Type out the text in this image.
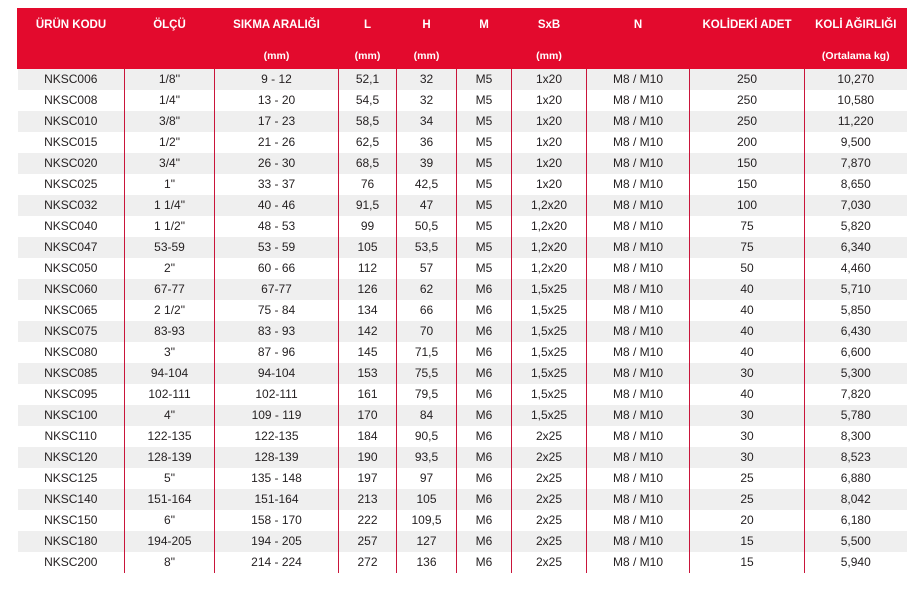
ÜRÜN KODU	ÖLÇÜ	SIKMA ARALIĞI	L	H	M	SxB	N	KOLİDEKİ ADET	KOLİ AĞIRLIĞI
		(mm)	(mm)	(mm)		(mm)			(Ortalama kg)
NKSC006	1/8''	9 - 12	52,1	32	M5	1x20	M8 / M10	250	10,270
NKSC008	1/4"	13 - 20	54,5	32	M5	1x20	M8 / M10	250	10,580
NKSC010	3/8"	17 - 23	58,5	34	M5	1x20	M8 / M10	250	11,220
NKSC015	1/2"	21 - 26	62,5	36	M5	1x20	M8 / M10	200	9,500
NKSC020	3/4"	26 - 30	68,5	39	M5	1x20	M8 / M10	150	7,870
NKSC025	1"	33 - 37	76	42,5	M5	1x20	M8 / M10	150	8,650
NKSC032	1 1/4"	40 - 46	91,5	47	M5	1,2x20	M8 / M10	100	7,030
NKSC040	1 1/2"	48 - 53	99	50,5	M5	1,2x20	M8 / M10	75	5,820
NKSC047	53-59	53 - 59	105	53,5	M5	1,2x20	M8 / M10	75	6,340
NKSC050	2"	60 - 66	112	57	M5	1,2x20	M8 / M10	50	4,460
NKSC060	67-77	67-77	126	62	M6	1,5x25	M8 / M10	40	5,710
NKSC065	2 1/2"	75 - 84	134	66	M6	1,5x25	M8 / M10	40	5,850
NKSC075	83-93	83 - 93	142	70	M6	1,5x25	M8 / M10	40	6,430
NKSC080	3"	87 - 96	145	71,5	M6	1,5x25	M8 / M10	40	6,600
NKSC085	94-104	94-104	153	75,5	M6	1,5x25	M8 / M10	30	5,300
NKSC095	102-111	102-111	161	79,5	M6	1,5x25	M8 / M10	40	7,820
NKSC100	4"	109 - 119	170	84	M6	1,5x25	M8 / M10	30	5,780
NKSC110	122-135	122-135	184	90,5	M6	2x25	M8 / M10	30	8,300
NKSC120	128-139	128-139	190	93,5	M6	2x25	M8 / M10	30	8,523
NKSC125	5"	135 - 148	197	97	M6	2x25	M8 / M10	25	6,880
NKSC140	151-164	151-164	213	105	M6	2x25	M8 / M10	25	8,042
NKSC150	6"	158 - 170	222	109,5	M6	2x25	M8 / M10	20	6,180
NKSC180	194-205	194 - 205	257	127	M6	2x25	M8 / M10	15	5,500
NKSC200	8"	214 - 224	272	136	M6	2x25	M8 / M10	15	5,940
